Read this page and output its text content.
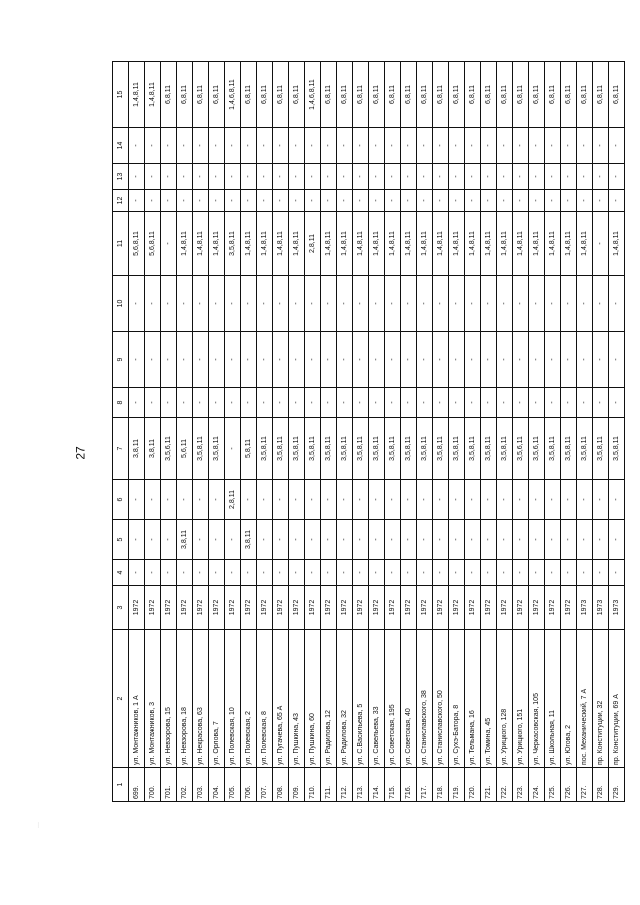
27
···
1	2	3	4	5	6	7	8	9	10	11	12	13	14	15
699.	ул. Монтажников, 1 А	1972	-	-	-	3,8,11	-	-	-	5,6,8,11	-	-	-	1,4,8,11
700.	ул. Монтажников, 3	1972	-	-	-	3,8,11	-	-	-	5,6,8,11	-	-	-	1,4,8,11
701.	ул. Невзорова, 15	1972	-	-	-	3,5,6,11	-	-	-	-	-	-	-	6,8,11
702.	ул. Невзорова, 18	1972	-	3,8,11	-	5,6,11	-	-	-	1,4,8,11	-	-	-	6,8,11
703.	ул. Некрасова, 63	1972	-	-	-	3,5,8,11	-	-	-	1,4,8,11	-	-	-	6,8,11
704.	ул. Орлова, 7	1972	-	-	-	3,5,8,11	-	-	-	1,4,8,11	-	-	-	6,8,11
705.	ул. Полевская, 10	1972	-	-	2,8,11	-	-	-	-	3,5,8,11	-	-	-	1,4,6,8,11
706.	ул. Полевская, 2	1972	-	3,8,11	-	5,8,11	-	-	-	1,4,8,11	-	-	-	6,8,11
707.	ул. Полевская, 8	1972	-	-	-	3,5,8,11	-	-	-	1,4,8,11	-	-	-	6,8,11
708.	ул. Пугачева, 65 А	1972	-	-	-	3,5,8,11	-	-	-	1,4,8,11	-	-	-	6,8,11
709.	ул. Пушкина, 43	1972	-	-	-	3,5,8,11	-	-	-	1,4,8,11	-	-	-	6,8,11
710.	ул. Пушкина, 60	1972	-	-	-	3,5,8,11	-	-	-	2,8,11	-	-	-	1,4,6,8,11
711.	ул. Радилова, 12	1972	-	-	-	3,5,8,11	-	-	-	1,4,8,11	-	-	-	6,8,11
712.	ул. Радилова, 32	1972	-	-	-	3,5,8,11	-	-	-	1,4,8,11	-	-	-	6,8,11
713.	ул. С.Васильева, 5	1972	-	-	-	3,5,8,11	-	-	-	1,4,8,11	-	-	-	6,8,11
714.	ул. Савельева, 33	1972	-	-	-	3,5,8,11	-	-	-	1,4,8,11	-	-	-	6,8,11
715.	ул. Советская, 195	1972	-	-	-	3,5,8,11	-	-	-	1,4,8,11	-	-	-	6,8,11
716.	ул. Советская, 40	1972	-	-	-	3,5,8,11	-	-	-	1,4,8,11	-	-	-	6,8,11
717.	ул. Станиславского, 38	1972	-	-	-	3,5,8,11	-	-	-	1,4,8,11	-	-	-	6,8,11
718.	ул. Станиславского, 50	1972	-	-	-	3,5,8,11	-	-	-	1,4,8,11	-	-	-	6,8,11
719.	ул. Сухэ-Батора, 8	1972	-	-	-	3,5,8,11	-	-	-	1,4,8,11	-	-	-	6,8,11
720.	ул. Тельмана, 16	1972	-	-	-	3,5,8,11	-	-	-	1,4,8,11	-	-	-	6,8,11
721.	ул. Томина, 45	1972	-	-	-	3,5,8,11	-	-	-	1,4,8,11	-	-	-	6,8,11
722.	ул. Урицкого, 128	1972	-	-	-	3,5,8,11	-	-	-	1,4,8,11	-	-	-	6,8,11
723.	ул. Урицкого, 151	1972	-	-	-	3,5,6,11	-	-	-	1,4,8,11	-	-	-	6,8,11
724.	ул. Черкасовская, 105	1972	-	-	-	3,5,6,11	-	-	-	1,4,8,11	-	-	-	6,8,11
725.	ул. Школьная, 11	1972	-	-	-	3,5,8,11	-	-	-	1,4,8,11	-	-	-	6,8,11
726.	ул. Югова, 2	1972	-	-	-	3,5,8,11	-	-	-	1,4,8,11	-	-	-	6,8,11
727.	пос. Механический, 7 А	1973	-	-	-	3,5,8,11	-	-	-	1,4,8,11	-	-	-	6,8,11
728.	пр. Конституции, 32	1973	-	-	-	3,5,8,11	-	-	-	-	-	-	-	6,8,11
729.	пр. Конституции, 69 А	1973	-	-	-	3,5,8,11	-	-	-	1,4,8,11	-	-	-	6,8,11
